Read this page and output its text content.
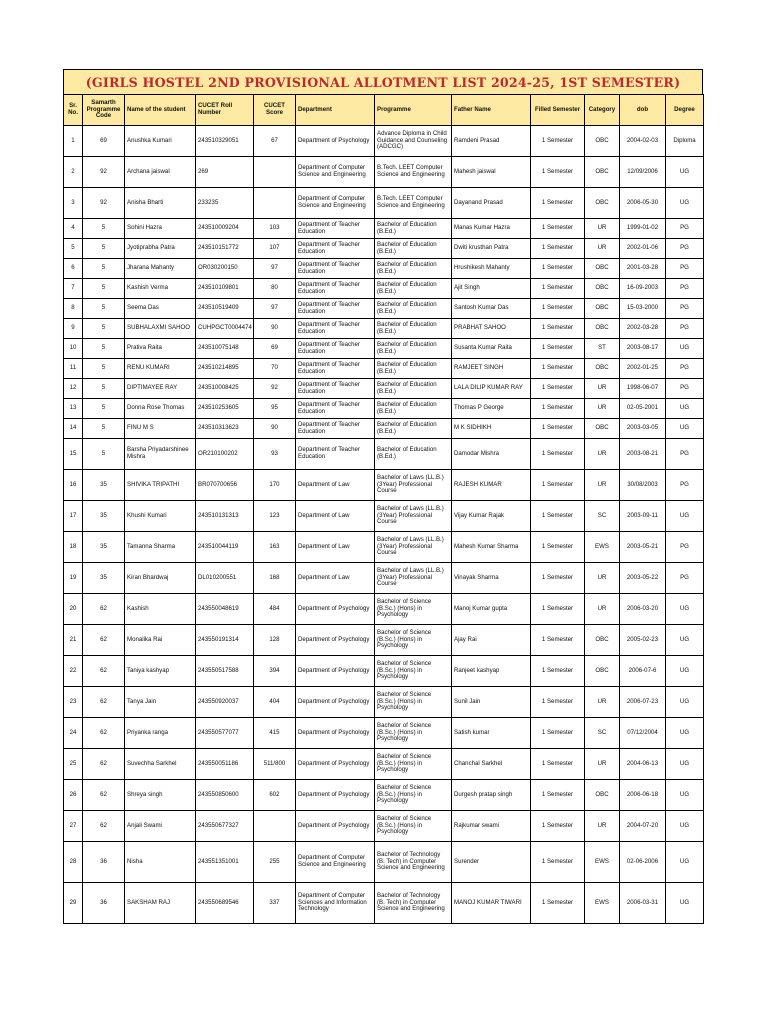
(GIRLS HOSTEL 2ND PROVISIONAL ALLOTMENT LIST 2024-25, 1ST SEMESTER)
Sr. No.	Samarth Programme Code	Name of the student	CUCET Roll Number	CUCET Score	Department	Programme	Father Name	Filled Semester	Category	dob	Degree
1	69	Anushka Kumari	243510329051	67	Department of Psychology	Advance Diploma in Child Guidance and Counseling (ADCGC)	Ramdeni Prasad	1 Semester	OBC	2004-02-03	Diploma
2	92	Archana jaiswal	269		Department of Computer Science and Engineering	B.Tech. LEET Computer Science and Engineering	Mahesh jaiswal	1 Semester	OBC	12/09/2006	UG
3	92	Anisha Bharti	233235		Department of Computer Science and Engineering	B.Tech. LEET Computer Science and Engineering	Dayanand Prasad	1 Semester	OBC	2006-05-30	UG
4	5	Sohini Hazra	243510009204	103	Department of Teacher Education	Bachelor of Education (B.Ed.)	Manas Kumar Hazra	1 Semester	UR	1999-01-02	PG
5	5	Jyotiprabha Patra	243510151772	107	Department of Teacher Education	Bachelor of Education (B.Ed.)	Dwiti krusthan Patra	1 Semester	UR	2002-01-06	PG
6	5	Jharana Mahanty	OR030200150	97	Department of Teacher Education	Bachelor of Education (B.Ed.)	Hrushikesh Mahanty	1 Semester	OBC	2001-03-28	PG
7	5	Kashish Verma	243510109801	80	Department of Teacher Education	Bachelor of Education (B.Ed.)	Ajit Singh	1 Semester	OBC	16-09-2003	PG
8	5	Seema Das	243510519409	97	Department of Teacher Education	Bachelor of Education (B.Ed.)	Santosh Kumar Das	1 Semester	OBC	15-03-2000	PG
9	5	SUBHALAXMI SAHOO	CUHPGCT0004474	90	Department of Teacher Education	Bachelor of Education (B.Ed.)	PRABHAT SAHOO	1 Semester	OBC	2002-03-28	PG
10	5	Prativa Raita	243510075148	69	Department of Teacher Education	Bachelor of Education (B.Ed.)	Susanta Kumar Raita	1 Semester	ST	2003-08-17	UG
11	5	RENU KUMARI	243510214895	70	Department of Teacher Education	Bachelor of Education (B.Ed.)	RAMJEET SINGH	1 Semester	OBC	2002-01-25	PG
12	5	DIPTIMAYEE RAY	243510008425	92	Department of Teacher Education	Bachelor of Education (B.Ed.)	LALA DILIP KUMAR RAY	1 Semester	UR	1998-06-07	PG
13	5	Donna Rose Thomas	243510253605	95	Department of Teacher Education	Bachelor of Education (B.Ed.)	Thomas P George	1 Semester	UR	02-05-2001	UG
14	5	FINU M S	243510313623	90	Department of Teacher Education	Bachelor of Education (B.Ed.)	M K SIDHIKH	1 Semester	OBC	2003-03-05	UG
15	5	Barsha Priyadarshinee Mishra	OR210100202	93	Department of Teacher Education	Bachelor of Education (B.Ed.)	Damodar Mishra	1 Semester	UR	2003-08-21	PG
16	35	SHIVIKA TRIPATHI	BR070700656	170	Department of Law	Bachelor of Laws (LL.B.) (3Year) Professional Course	RAJESH KUMAR	1 Semester	UR	30/08/2003	PG
17	35	Khushi Kumari	243510131313	123	Department of Law	Bachelor of Laws (LL.B.) (3Year) Professional Course	Vijay Kumar Rajak	1 Semester	SC	2003-09-11	UG
18	35	Tamanna Sharma	243510044119	163	Department of Law	Bachelor of Laws (LL.B.) (3Year) Professional Course	Mahesh Kumar Sharma	1 Semester	EWS	2003-05-21	PG
19	35	Kiran Bhardwaj	DL010200551	168	Department of Law	Bachelor of Laws (LL.B.) (3Year) Professional Course	Vinayak Sharma	1 Semester	UR	2003-05-22	PG
20	62	Kashish	243550048619	484	Department of Psychology	Bachelor of Science (B.Sc.) (Hons) in Psychology	Manoj Kumar gupta	1 Semester	UR	2006-03-20	UG
21	62	Monalika Rai	243550191314	128	Department of Psychology	Bachelor of Science (B.Sc.) (Hons) in Psychology	Ajay Rai	1 Semester	OBC	2005-02-23	UG
22	62	Taniya kashyap	243550517588	394	Department of Psychology	Bachelor of Science (B.Sc.) (Hons) in Psychology	Ranjeet kashyap	1 Semester	OBC	2006-07-6	UG
23	62	Tanya Jain	243550920037	404	Department of Psychology	Bachelor of Science (B.Sc.) (Hons) in Psychology	Sunil Jain	1 Semester	UR	2006-07-23	UG
24	62	Priyanka ranga	243550577077	415	Department of Psychology	Bachelor of Science (B.Sc.) (Hons) in Psychology	Satish kumar	1 Semester	SC	07/12/2004	UG
25	62	Suvechha Sarkhel	243550051186	511/800	Department of Psychology	Bachelor of Science (B.Sc.) (Hons) in Psychology	Chanchal Sarkhel	1 Semester	UR	2004-06-13	UG
26	62	Shreya singh	243550850600	602	Department of Psychology	Bachelor of Science (B.Sc.) (Hons) in Psychology	Durgesh pratap singh	1 Semester	OBC	2006-06-18	UG
27	62	Anjali Swami	243550677327		Department of Psychology	Bachelor of Science (B.Sc.) (Hons) in Psychology	Rajkumar swami	1 Semester	UR	2004-07-20	UG
28	36	Nisha	243551351001	255	Department of Computer Science and Engineering	Bachelor of Technology (B. Tech) in Computer Science and Engineering	Surender	1 Semester	EWS	02-06-2006	UG
29	36	SAKSHAM RAJ	243550689546	337	Department of Computer Sciences and Information Technology	Bachelor of Technology (B. Tech) in Computer Science and Engineering	MANOJ KUMAR TIWARI	1 Semester	EWS	2006-03-31	UG
